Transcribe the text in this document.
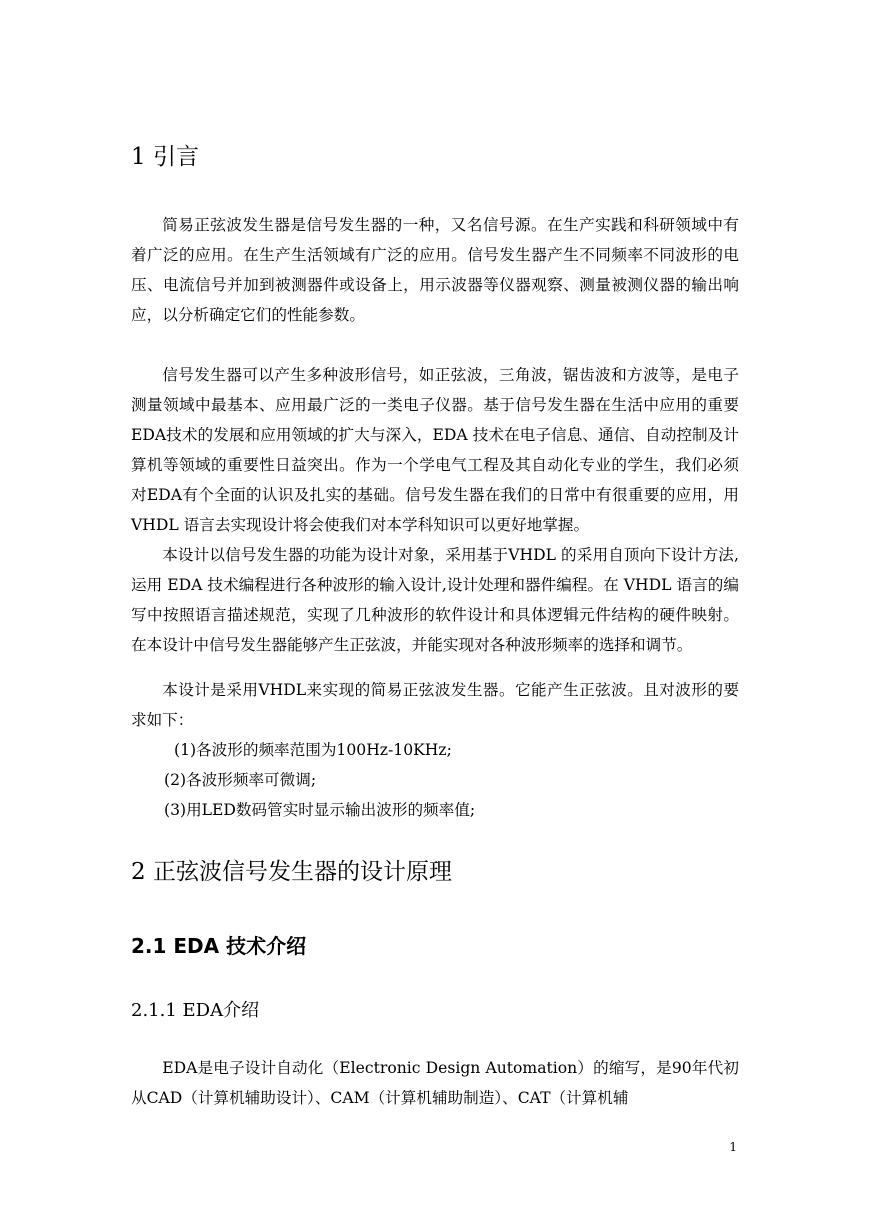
1 引言

简易正弦波发生器是信号发生器的一种，又名信号源。在生产实践和科研领域中有着广泛的应用。在生产生活领域有广泛的应用。信号发生器产生不同频率不同波形的电压、电流信号并加到被测器件或设备上，用示波器等仪器观察、测量被测仪器的输出响应，以分析确定它们的性能参数。

信号发生器可以产生多种波形信号，如正弦波，三角波，锯齿波和方波等，是电子测量领域中最基本、应用最广泛的一类电子仪器。基于信号发生器在生活中应用的重要EDA技术的发展和应用领域的扩大与深入，EDA 技术在电子信息、通信、自动控制及计算机等领域的重要性日益突出。作为一个学电气工程及其自动化专业的学生，我们必须对EDA有个全面的认识及扎实的基础。信号发生器在我们的日常中有很重要的应用，用 VHDL 语言去实现设计将会使我们对本学科知识可以更好地掌握。

本设计以信号发生器的功能为设计对象，采用基于VHDL 的采用自顶向下设计方法,运用 EDA 技术编程进行各种波形的输入设计,设计处理和器件编程。在 VHDL 语言的编写中按照语言描述规范，实现了几种波形的软件设计和具体逻辑元件结构的硬件映射。在本设计中信号发生器能够产生正弦波，并能实现对各种波形频率的选择和调节。

本设计是采用VHDL来实现的简易正弦波发生器。它能产生正弦波。且对波形的要求如下：

(1)各波形的频率范围为100Hz-10KHz;
(2)各波形频率可微调;
(3)用LED数码管实时显示输出波形的频率值;
2 正弦波信号发生器的设计原理
2.1 EDA 技术介绍
2.1.1 EDA介绍

EDA是电子设计自动化（Electronic Design Automation）的缩写，是90年代初从CAD（计算机辅助设计）、CAM（计算机辅助制造）、CAT（计算机辅

1
